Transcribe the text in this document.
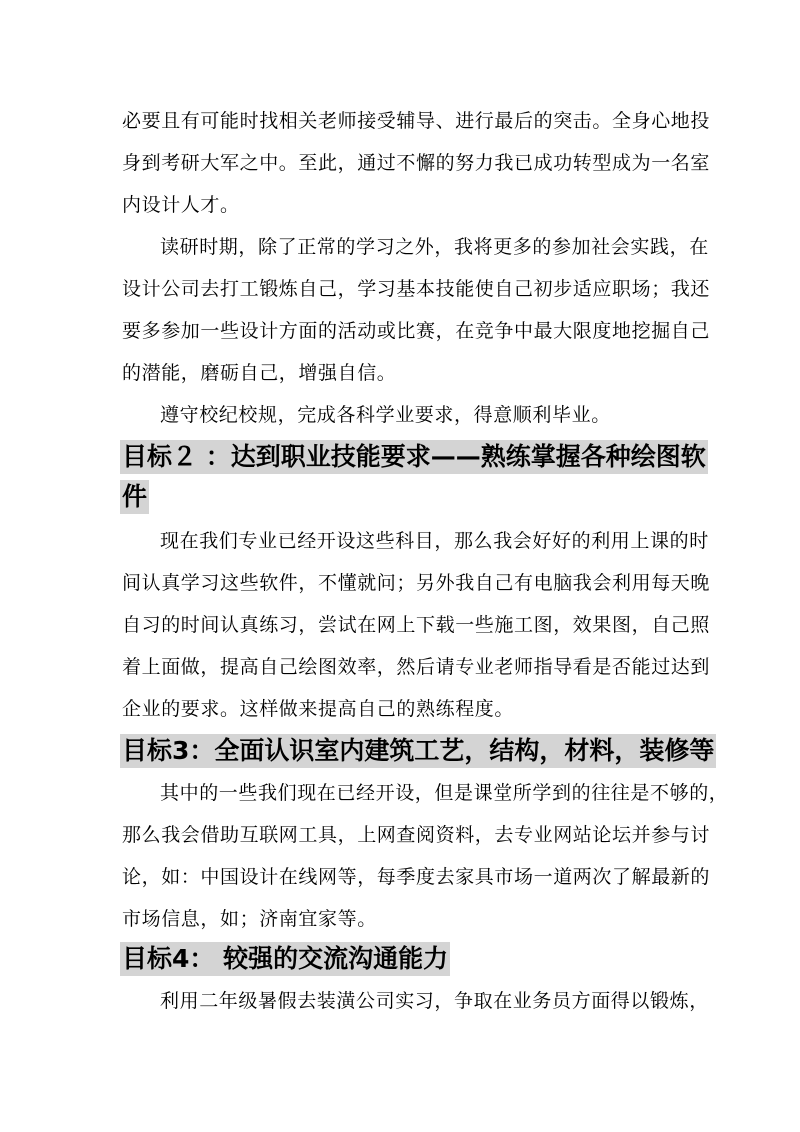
必要且有可能时找相关老师接受辅导、进行最后的突击。全身心地投
身到考研大军之中。至此，通过不懈的努力我已成功转型成为一名室
内设计人才。
读研时期，除了正常的学习之外，我将更多的参加社会实践，在
设计公司去打工锻炼自己，学习基本技能使自己初步适应职场；我还
要多参加一些设计方面的活动或比赛，在竞争中最大限度地挖掘自己
的潜能，磨砺自己，增强自信。
遵守校纪校规，完成各科学业要求，得意顺利毕业。
目标２ ：达到职业技能要求——熟练掌握各种绘图软
件
现在我们专业已经开设这些科目，那么我会好好的利用上课的时
间认真学习这些软件，不懂就问；另外我自己有电脑我会利用每天晚
自习的时间认真练习，尝试在网上下载一些施工图，效果图，自己照
着上面做，提高自己绘图效率，然后请专业老师指导看是否能过达到
企业的要求。这样做来提高自己的熟练程度。
目标3：全面认识室内建筑工艺，结构，材料，装修等
其中的一些我们现在已经开设，但是课堂所学到的往往是不够的，
那么我会借助互联网工具，上网查阅资料，去专业网站论坛并参与讨
论，如：中国设计在线网等，每季度去家具市场一道两次了解最新的
市场信息，如；济南宜家等。
目标4： 较强的交流沟通能力
利用二年级暑假去装潢公司实习，争取在业务员方面得以锻炼，
